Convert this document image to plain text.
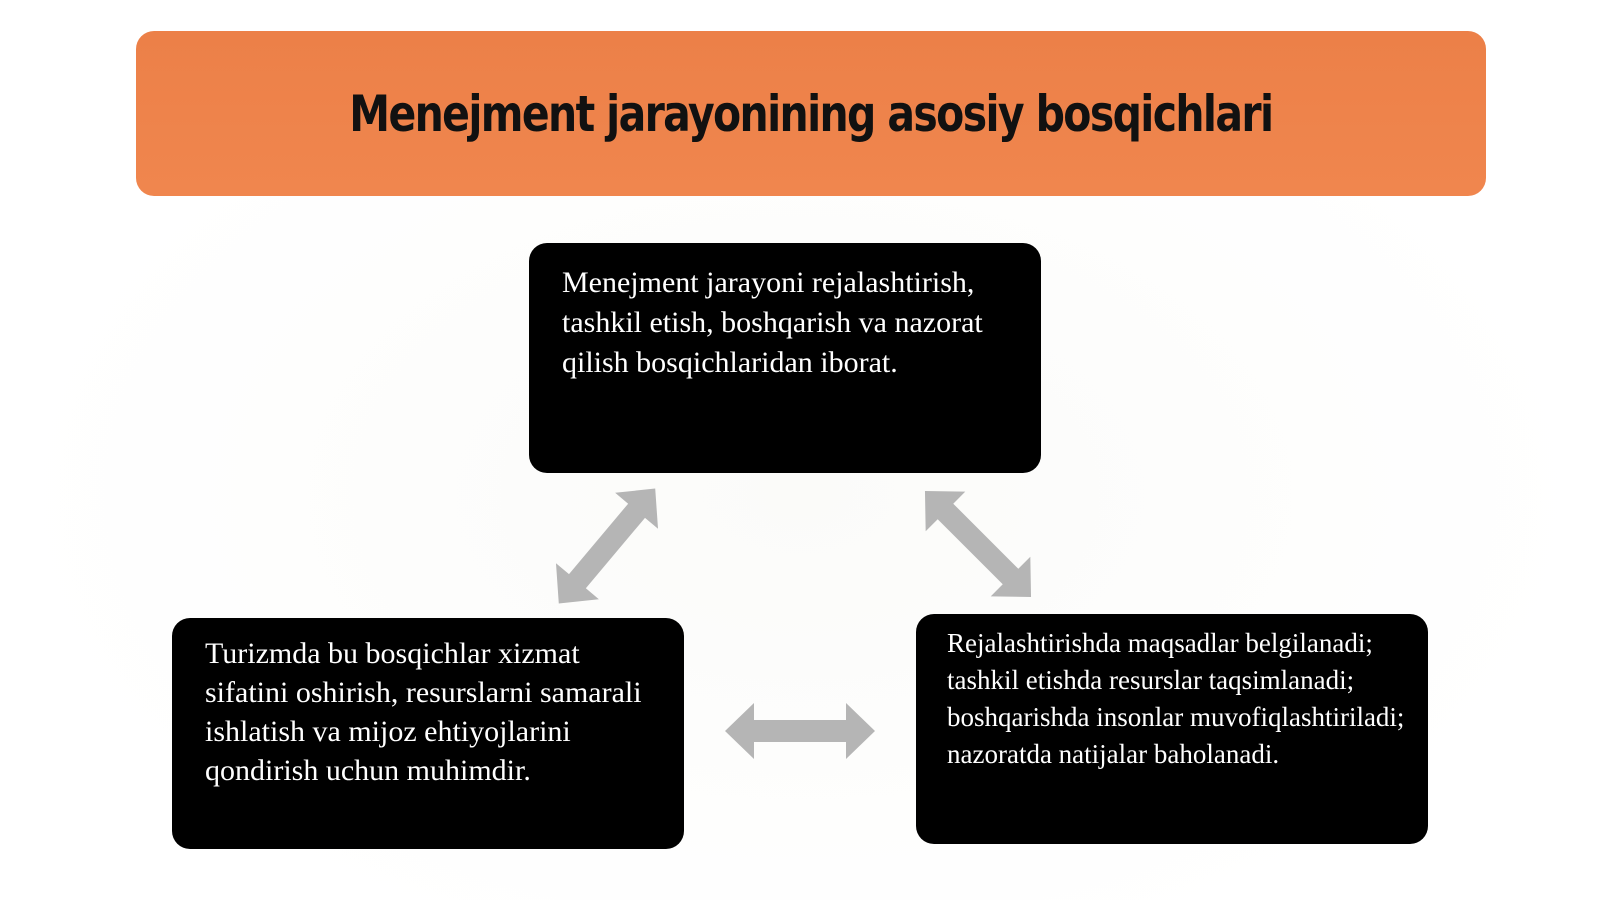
Menejment jarayonining asosiy bosqichlari
Menejment jarayoni rejalashtirish, tashkil etish, boshqarish va nazorat qilish bosqichlaridan iborat.
Turizmda bu bosqichlar xizmat sifatini oshirish, resurslarni samarali ishlatish va mijoz ehtiyojlarini qondirish uchun muhimdir.
Rejalashtirishda maqsadlar belgilanadi; tashkil etishda resurslar taqsimlanadi; boshqarishda insonlar muvofiqlashtiriladi; nazoratda natijalar baholanadi.
